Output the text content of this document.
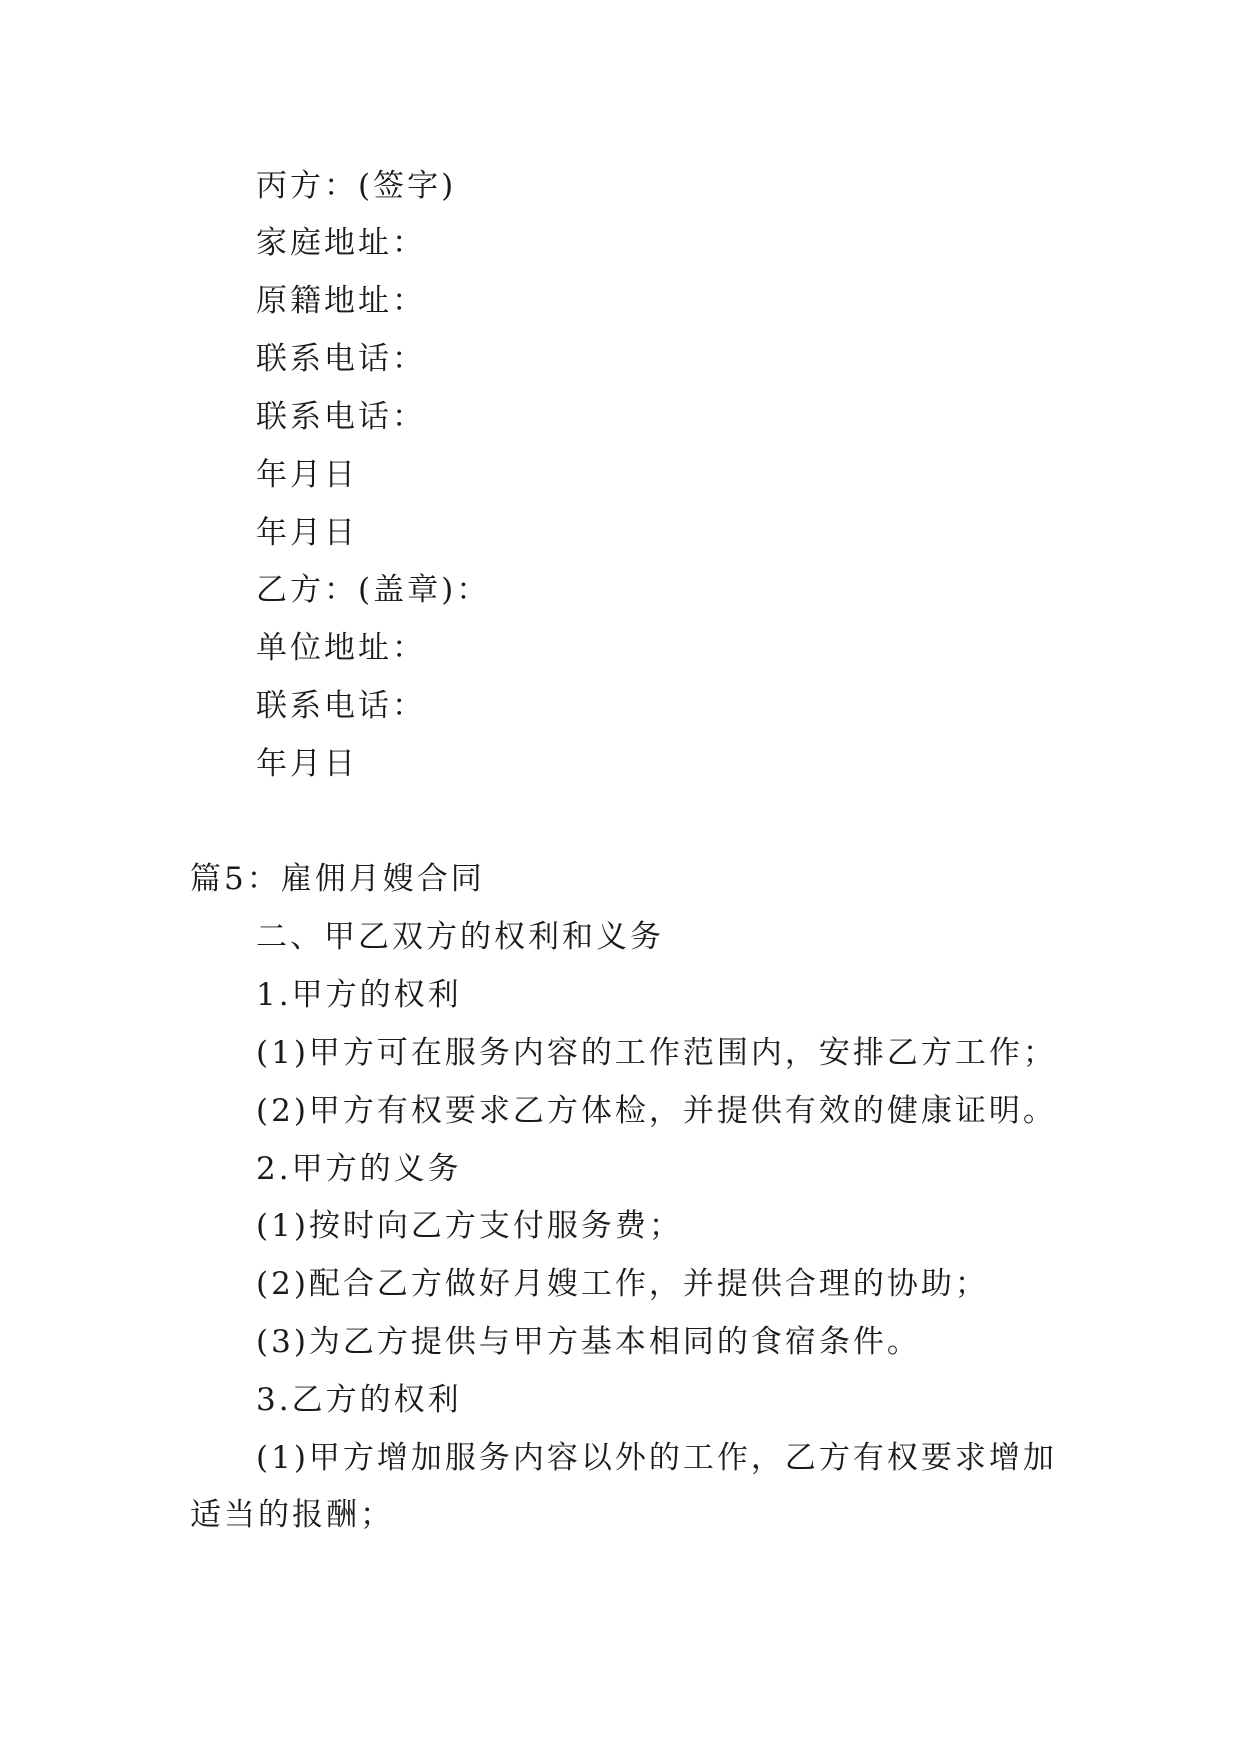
丙方：(签字)
家庭地址：
原籍地址：
联系电话：
联系电话：
年月日
年月日
乙方：(盖章)：
单位地址：
联系电话：
年月日
篇5：雇佣月嫂合同
二、甲乙双方的权利和义务
1.甲方的权利
(1)甲方可在服务内容的工作范围内，安排乙方工作；
(2)甲方有权要求乙方体检，并提供有效的健康证明。
2.甲方的义务
(1)按时向乙方支付服务费；
(2)配合乙方做好月嫂工作，并提供合理的协助；
(3)为乙方提供与甲方基本相同的食宿条件。
3.乙方的权利
(1)甲方增加服务内容以外的工作，乙方有权要求增加
适当的报酬；
